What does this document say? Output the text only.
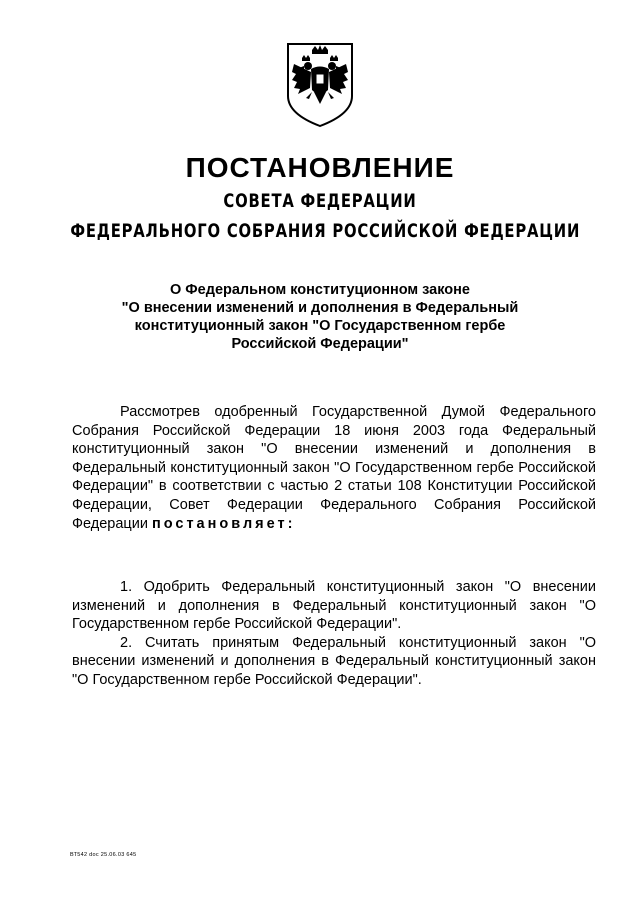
ПОСТАНОВЛЕНИЕ
СОВЕТА ФЕДЕРАЦИИ
ФЕДЕРАЛЬНОГО СОБРАНИЯ РОССИЙСКОЙ ФЕДЕРАЦИИ
О Федеральном конституционном законе
"О внесении изменений и дополнения в Федеральный
конституционный закон "О Государственном гербе
Российской Федерации"
Рассмотрев одобренный Государственной Думой Федерального Собрания Российской Федерации 18 июня 2003 года Федеральный конституционный закон "О внесении изменений и дополнения в Федеральный конституционный закон "О Государственном гербе Российской Федерации" в соответствии с частью 2 статьи 108 Конституции Российской Федерации, Совет Федерации Федерального Собрания Российской Федерации постановляет:
1. Одобрить Федеральный конституционный закон "О внесении изменений и дополнения в Федеральный конституционный закон "О Государственном гербе Российской Федерации".
2. Считать принятым Федеральный конституционный закон "О внесении изменений и дополнения в Федеральный конституционный закон "О Государственном гербе Российской Федерации".
ВТ542 doc 25.06.03 645
